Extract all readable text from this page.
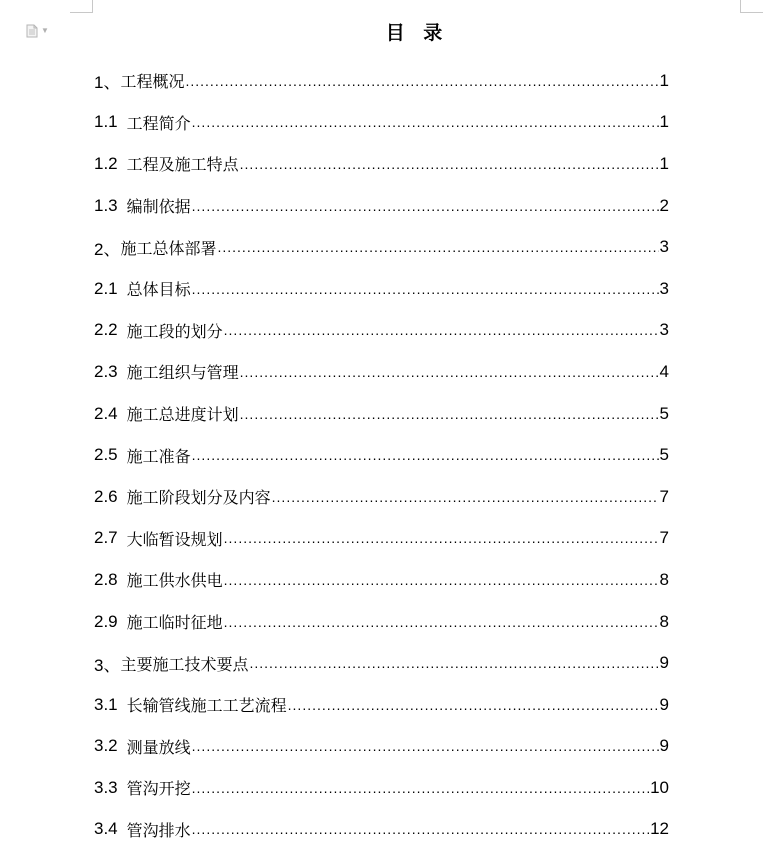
▼	目 录
1、 工程概况 .....	1
1.1 工程简介 .....	1
1.2 工程及施工特点 .....	1
1.3 编制依据 .....	2
2、 施工总体部署 .....	3
2.1 总体目标 .....	3
2.2 施工段的划分 .....	3
2.3 施工组织与管理 .....	4
2.4 施工总进度计划 .....	5
2.5 施工准备 .....	5
2.6 施工阶段划分及内容 .....	7
2.7 大临暂设规划 .....	7
2.8 施工供水供电 .....	8
2.9 施工临时征地 .....	8
3、 主要施工技术要点 .....	9
3.1 长输管线施工工艺流程 .....	9
3.2 测量放线 .....	9
3.3 管沟开挖 .....	10
3.4 管沟排水 .....	12
